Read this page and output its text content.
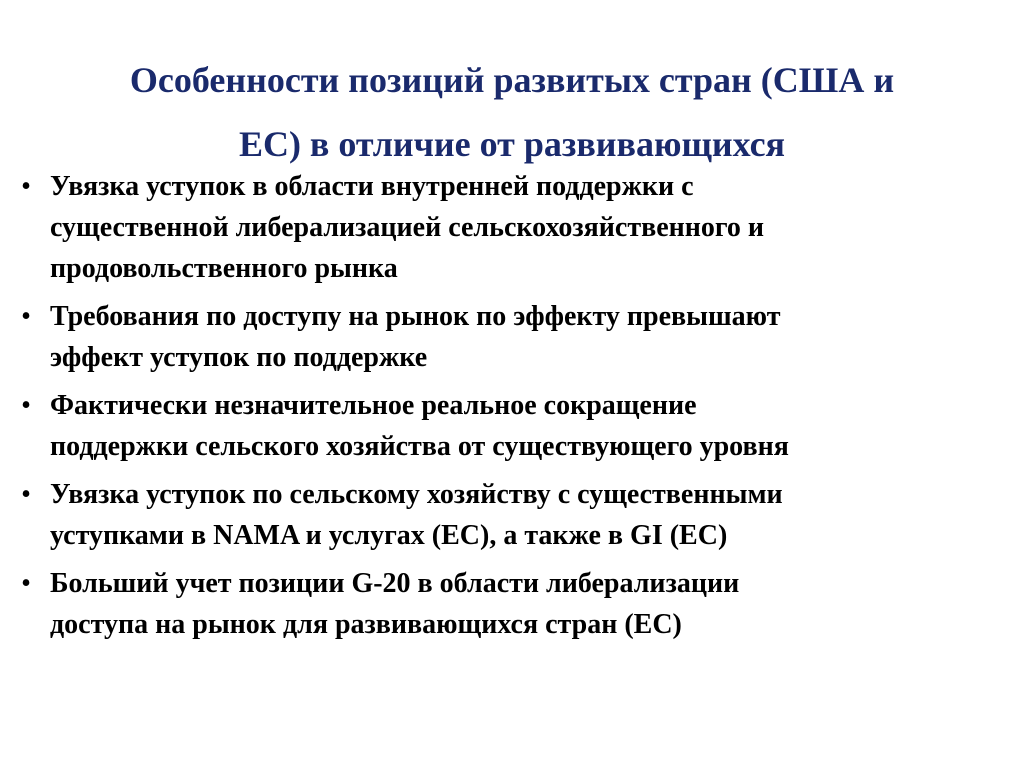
Особенности позиций развитых стран (США и
ЕС) в отличие от развивающихся
• Увязка уступок в области внутренней поддержки с
существенной либерализацией сельскохозяйственного и
продовольственного рынка
• Требования по доступу на рынок по эффекту превышают
эффект уступок по поддержке
• Фактически незначительное реальное сокращение
поддержки сельского хозяйства от существующего уровня
• Увязка уступок по сельскому хозяйству с существенными
уступками в NAMA и услугах (ЕС), а также в GI (ЕС)
• Больший учет позиции G-20 в области либерализации
доступа на рынок для развивающихся стран (ЕС)
